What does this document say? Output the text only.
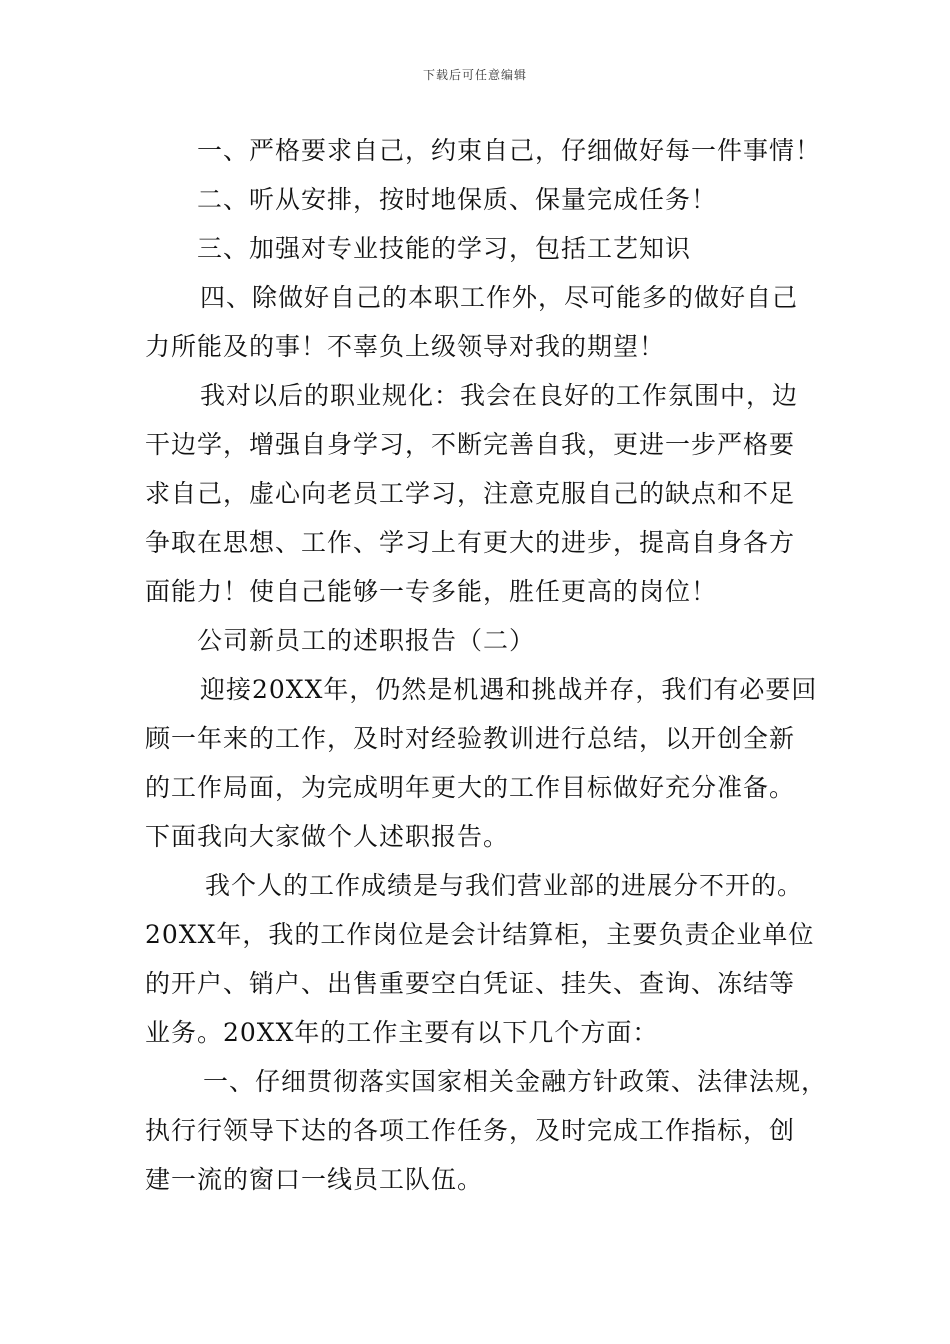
下载后可任意编辑
一、严格要求自己，约束自己，仔细做好每一件事情！
二、听从安排，按时地保质、保量完成任务！
三、加强对专业技能的学习，包括工艺知识
四、除做好自己的本职工作外，尽可能多的做好自己
力所能及的事！不辜负上级领导对我的期望！
我对以后的职业规化：我会在良好的工作氛围中，边
干边学，增强自身学习，不断完善自我，更进一步严格要
求自己，虚心向老员工学习，注意克服自己的缺点和不足
争取在思想、工作、学习上有更大的进步，提高自身各方
面能力！使自己能够一专多能，胜任更高的岗位！
公司新员工的述职报告（二）
迎接20XX年，仍然是机遇和挑战并存，我们有必要回
顾一年来的工作，及时对经验教训进行总结，以开创全新
的工作局面，为完成明年更大的工作目标做好充分准备。
下面我向大家做个人述职报告。
我个人的工作成绩是与我们营业部的进展分不开的。
20XX年，我的工作岗位是会计结算柜，主要负责企业单位
的开户、销户、出售重要空白凭证、挂失、查询、冻结等
业务。20XX年的工作主要有以下几个方面：
一、仔细贯彻落实国家相关金融方针政策、法律法规，
执行行领导下达的各项工作任务，及时完成工作指标，创
建一流的窗口一线员工队伍。
